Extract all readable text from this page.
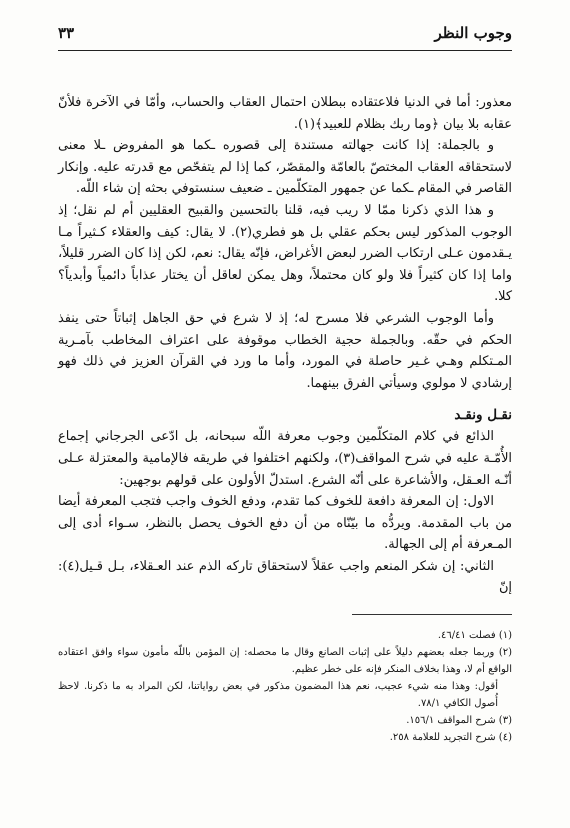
وجوب النظر
٣٣

معذور: أما في الدنيا فلاعتقاده ببطلان احتمال العقاب والحساب، وأمّا في الآخرة فلأنّ عقابه بلا بيان ﴿وما ربك بظلام للعبيد﴾(١).

و بالجملة: إذا كانت جهالته مستندة إلى قصوره ـكما هو المفروض ـلا معنى لاستحقاقه العقاب المختصّ بالعامّة والمقصّر، كما إذا لم يتفحّص مع قدرته عليه. وإنكار القاصر في المقام ـكما عن جمهور المتكلّمين ـ ضعيف سنستوفي بحثه إن شاء اللّه.

و هذا الذي ذكرنا ممّا لا ريب فيه، قلنا بالتحسين والقبيح العقليين أم لم نقل؛ إذ الوجوب المذكور ليس بحكم عقلي بل هو فطري(٢). لا يقال: كيف والعقلاء كـثيراً مـا يـقدمون عـلى ارتكاب الضرر لبعض الأغراض، فإنّه يقال: نعم، لكن إذا كان الضرر قليلاً، واما إذا كان كثيراً فلا ولو كان محتملاً، وهل يمكن لعاقل أن يختار عذاباً دائمياً وأبدياً؟ كلا.

وأما الوجوب الشرعي فلا مسرح له؛ إذ لا شرع في حق الجاهل إثباتاً حتى ينفذ الحكم في حقّه. وبالجملة حجية الخطاب موقوفة على اعتراف المخاطب بآمـرية المـتكلم وهـي غـير حاصلة في المورد، وأما ما ورد في القرآن العزيز في ذلك فهو إرشادي لا مولوي وسيأتي الفرق بينهما.

نقـل ونقـد

الذائع في كلام المتكلّمين وجوب معرفة اللّه سبحانه، بل ادّعى الجرجاني إجماع الأُمّـة عليه في شرح المواقف(٣)، ولكنهم اختلفوا في طريقه فالإمامية والمعتزلة عـلى أنّـه العـقل، والأشاعرة على أنّه الشرع. استدلّ الأولون على قولهم بوجهين:

الاول: إن المعرفة دافعة للخوف كما تقدم، ودفع الخوف واجب فتجب المعرفة أيضا من باب المقدمة. ويردُّه ما بيّنّاه من أن دفع الخوف يحصل بالنظر، سـواء أدى إلى المـعرفة أم إلى الجهالة.

الثاني: إن شكر المنعم واجب عقلاً لاستحقاق تاركه الذم عند العـقلاء، بـل قـيل(٤): إنّ

(١) فصلت ٤٦/٤١.

(٢) وربما جعله بعضهم دليلاً على إثبات الصانع وقال ما محصله: إن المؤمن باللّه مأمون سواء وافق اعتقاده الواقع أم لا، وهذا بخلاف المنكر فإنه على خطر عظيم.

أقول: وهذا منه شيء عجيب، نعم هذا المضمون مذكور في بعض رواياتنا، لكن المراد به ما ذكرنا. لاحظ أُصول الكافي ٧٨/١.

(٣) شرح المواقف ١٥٦/١.

(٤) شرح التجريد للعلامة ٢٥٨.
